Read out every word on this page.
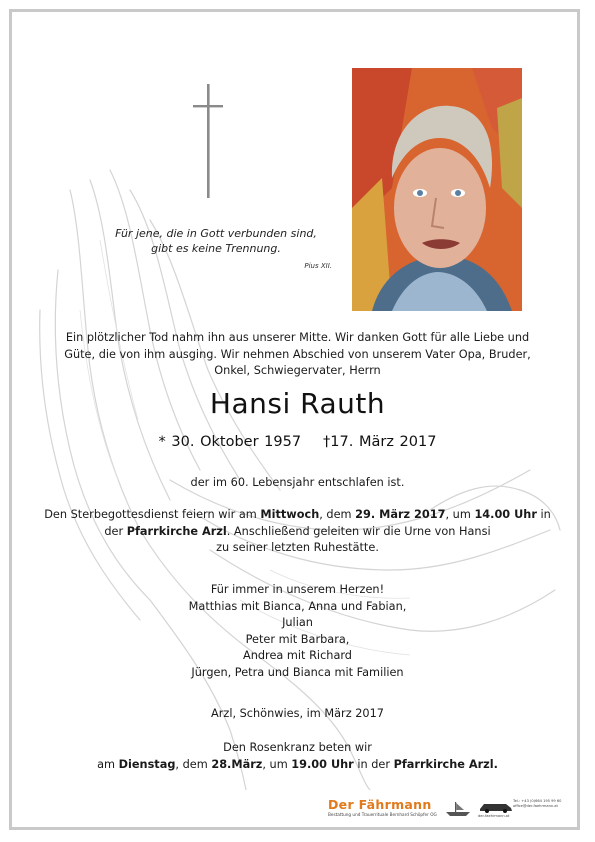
Für jene, die in Gott verbunden sind,
gibt es keine Trennung.
Pius XII.
Ein plötzlicher Tod nahm ihn aus unserer Mitte. Wir danken Gott für alle Liebe und
Güte, die von ihm ausging. Wir nehmen Abschied von unserem Vater Opa, Bruder,
Onkel, Schwiegervater, Herrn
Hansi Rauth
* 30. Oktober 1957 †17. März 2017
der im 60. Lebensjahr entschlafen ist.
Den Sterbegottesdienst feiern wir am Mittwoch, dem 29. März 2017, um 14.00 Uhr in
der Pfarrkirche Arzl. Anschließend geleiten wir die Urne von Hansi
zu seiner letzten Ruhestätte.
Für immer in unserem Herzen!
Matthias mit Bianca, Anna und Fabian,
Julian
Peter mit Barbara,
Andrea mit Richard
Jürgen, Petra und Bianca mit Familien
Arzl, Schönwies, im März 2017
Den Rosenkranz beten wir
am Dienstag, dem 28.März, um 19.00 Uhr in der Pfarrkirche Arzl.
Der Fährmann
Bestattung und Trauerrituale Bernhard Schöpfer OG
Tel.: +43 (0)664 195 99 60
office@der-faehrmann.at
der-faehrmann.at
